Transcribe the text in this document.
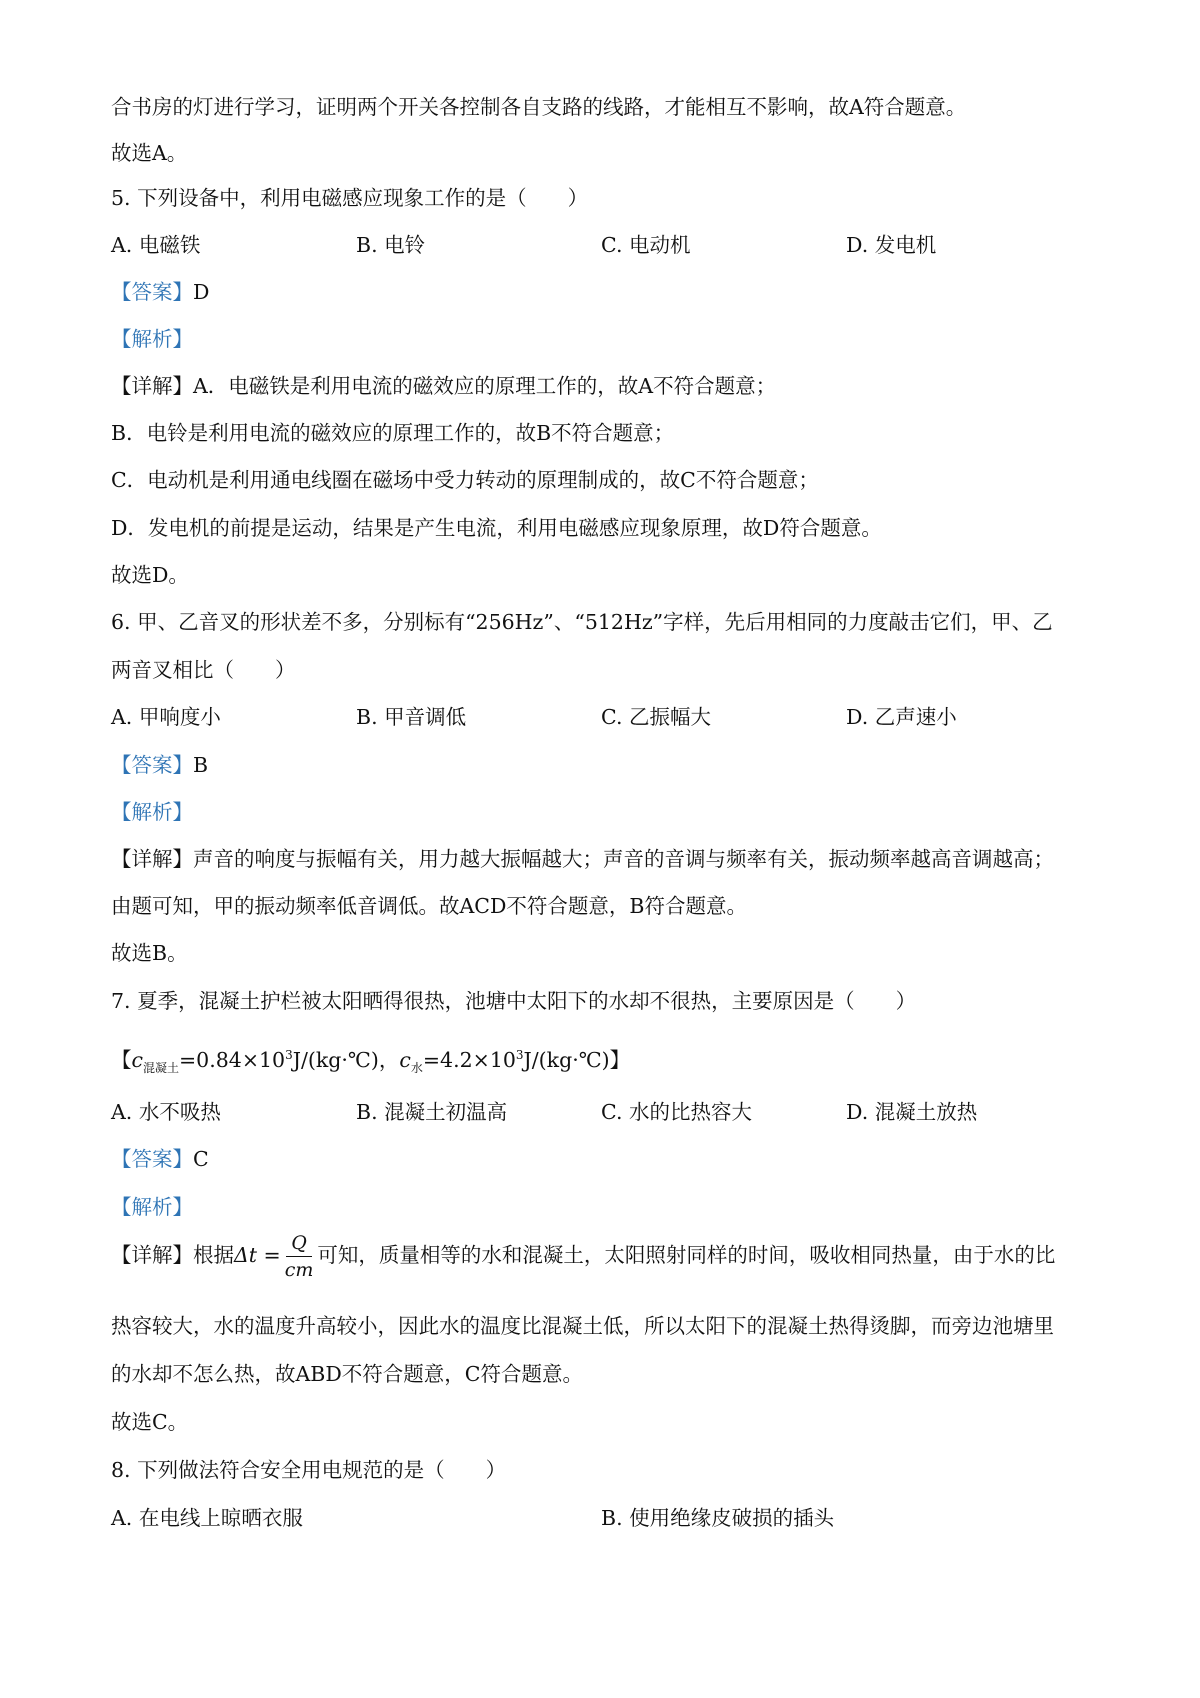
合书房的灯进行学习，证明两个开关各控制各自支路的线路，才能相互不影响，故A符合题意。
故选A。
5. 下列设备中，利用电磁感应现象工作的是（　　）
A. 电磁铁	B. 电铃	C. 电动机	D. 发电机
【答案】D
【解析】
【详解】A．电磁铁是利用电流的磁效应的原理工作的，故A不符合题意；
B．电铃是利用电流的磁效应的原理工作的，故B不符合题意；
C．电动机是利用通电线圈在磁场中受力转动的原理制成的，故C不符合题意；
D．发电机的前提是运动，结果是产生电流，利用电磁感应现象原理，故D符合题意。
故选D。
6. 甲、乙音叉的形状差不多，分别标有“256Hz”、“512Hz”字样，先后用相同的力度敲击它们，甲、乙
两音叉相比（　　）
A. 甲响度小	B. 甲音调低	C. 乙振幅大	D. 乙声速小
【答案】B
【解析】
【详解】声音的响度与振幅有关，用力越大振幅越大；声音的音调与频率有关，振动频率越高音调越高；
由题可知，甲的振动频率低音调低。故ACD不符合题意，B符合题意。
故选B。
7. 夏季，混凝土护栏被太阳晒得很热，池塘中太阳下的水却不很热，主要原因是（　　）
【$c_{混凝土}=0.84\times 10^3J/(kg\cdot℃)$，$c_水=4.2\times 10^3J/(kg\cdot℃)$】
A. 水不吸热	B. 混凝土初温高	C. 水的比热容大	D. 混凝土放热
【答案】C
【解析】
【详解】根据$\Delta t = \frac{Q}{cm}$ 可知，质量相等的水和混凝土，太阳照射同样的时间，吸收相同热量，由于水的比
热容较大，水的温度升高较小，因此水的温度比混凝土低，所以太阳下的混凝土热得烫脚，而旁边池塘里
的水却不怎么热，故ABD不符合题意，C符合题意。
故选C。
8. 下列做法符合安全用电规范的是（　　）
A. 在电线上晾晒衣服	B. 使用绝缘皮破损的插头
